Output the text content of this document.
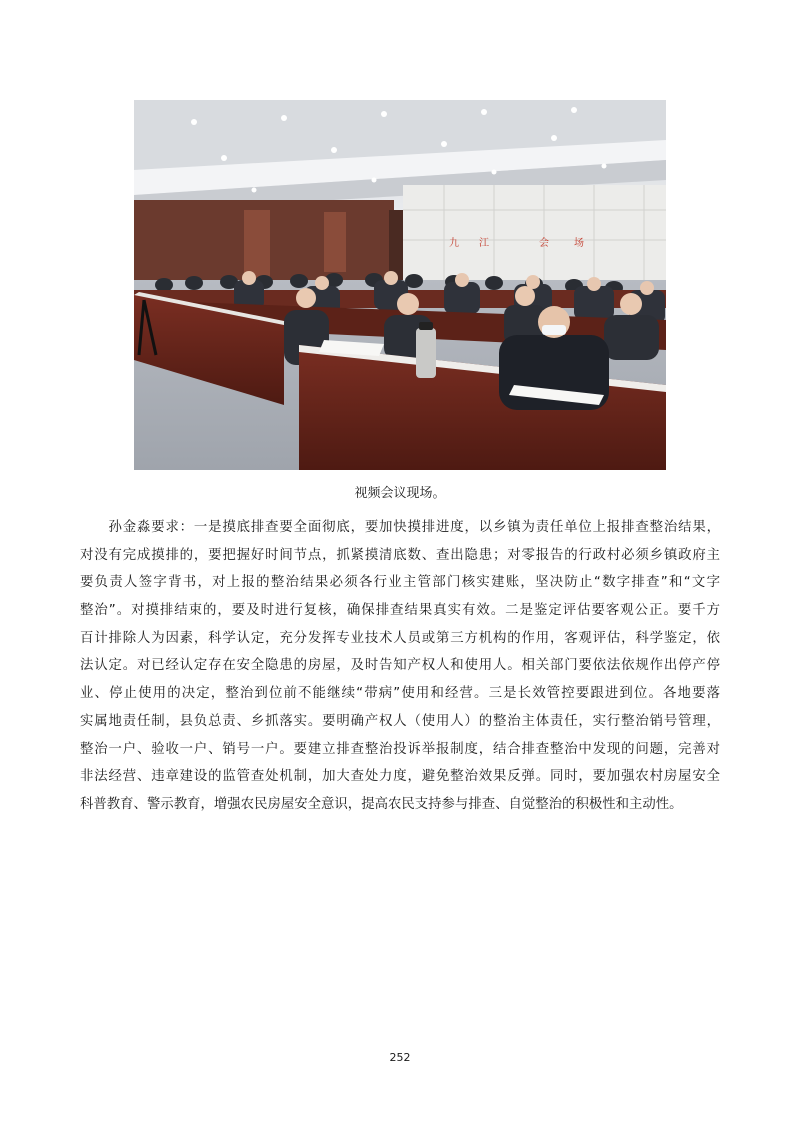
九 江	会	场
视频会议现场。
　　孙金淼要求：一是摸底排查要全面彻底，要加快摸排进度，以乡镇为责任单位上报排查整治结果，
对没有完成摸排的，要把握好时间节点，抓紧摸清底数、查出隐患；对零报告的行政村必须乡镇政府主
要负责人签字背书，对上报的整治结果必须各行业主管部门核实建账，坚决防止“数字排查”和“文字
整治”。对摸排结束的，要及时进行复核，确保排查结果真实有效。二是鉴定评估要客观公正。要千方
百计排除人为因素，科学认定，充分发挥专业技术人员或第三方机构的作用，客观评估，科学鉴定，依
法认定。对已经认定存在安全隐患的房屋，及时告知产权人和使用人。相关部门要依法依规作出停产停
业、停止使用的决定，整治到位前不能继续“带病”使用和经营。三是长效管控要跟进到位。各地要落
实属地责任制，县负总责、乡抓落实。要明确产权人（使用人）的整治主体责任，实行整治销号管理，
整治一户、验收一户、销号一户。要建立排查整治投诉举报制度，结合排查整治中发现的问题，完善对
非法经营、违章建设的监管查处机制，加大查处力度，避免整治效果反弹。同时，要加强农村房屋安全
科普教育、警示教育，增强农民房屋安全意识，提高农民支持参与排查、自觉整治的积极性和主动性。
252
